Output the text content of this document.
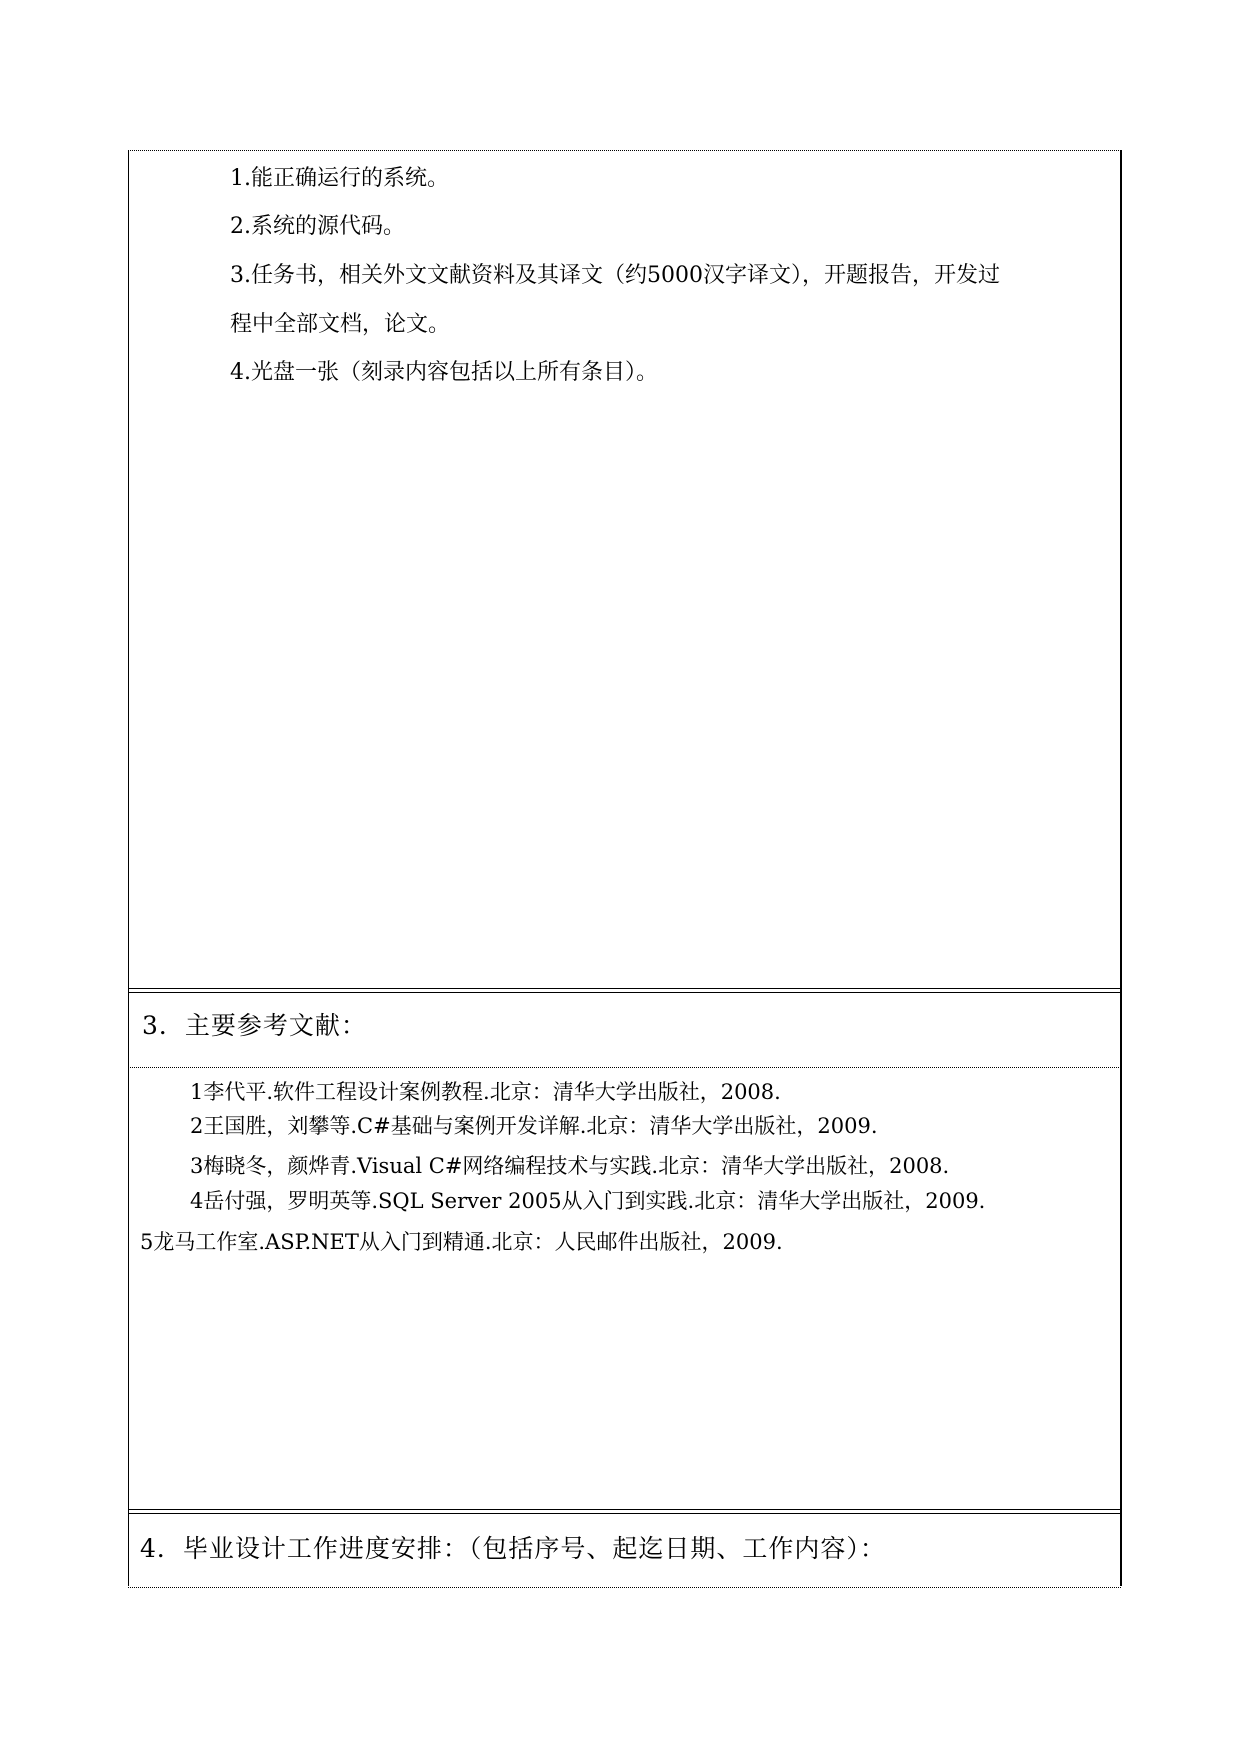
1.能正确运行的系统。
2.系统的源代码。
3.任务书，相关外文文献资料及其译文（约5000汉字译文），开题报告，开发过
程中全部文档，论文。
4.光盘一张（刻录内容包括以上所有条目）。
3．主要参考文献：
1李代平.软件工程设计案例教程.北京：清华大学出版社，2008.
2王国胜，刘攀等.C#基础与案例开发详解.北京：清华大学出版社，2009.
3梅晓冬，颜烨青.Visual C#网络编程技术与实践.北京：清华大学出版社，2008.
4岳付强，罗明英等.SQL Server 2005从入门到实践.北京：清华大学出版社，2009.
5龙马工作室.ASP.NET从入门到精通.北京：人民邮件出版社，2009.
4．毕业设计工作进度安排：（包括序号、起迄日期、工作内容）：
